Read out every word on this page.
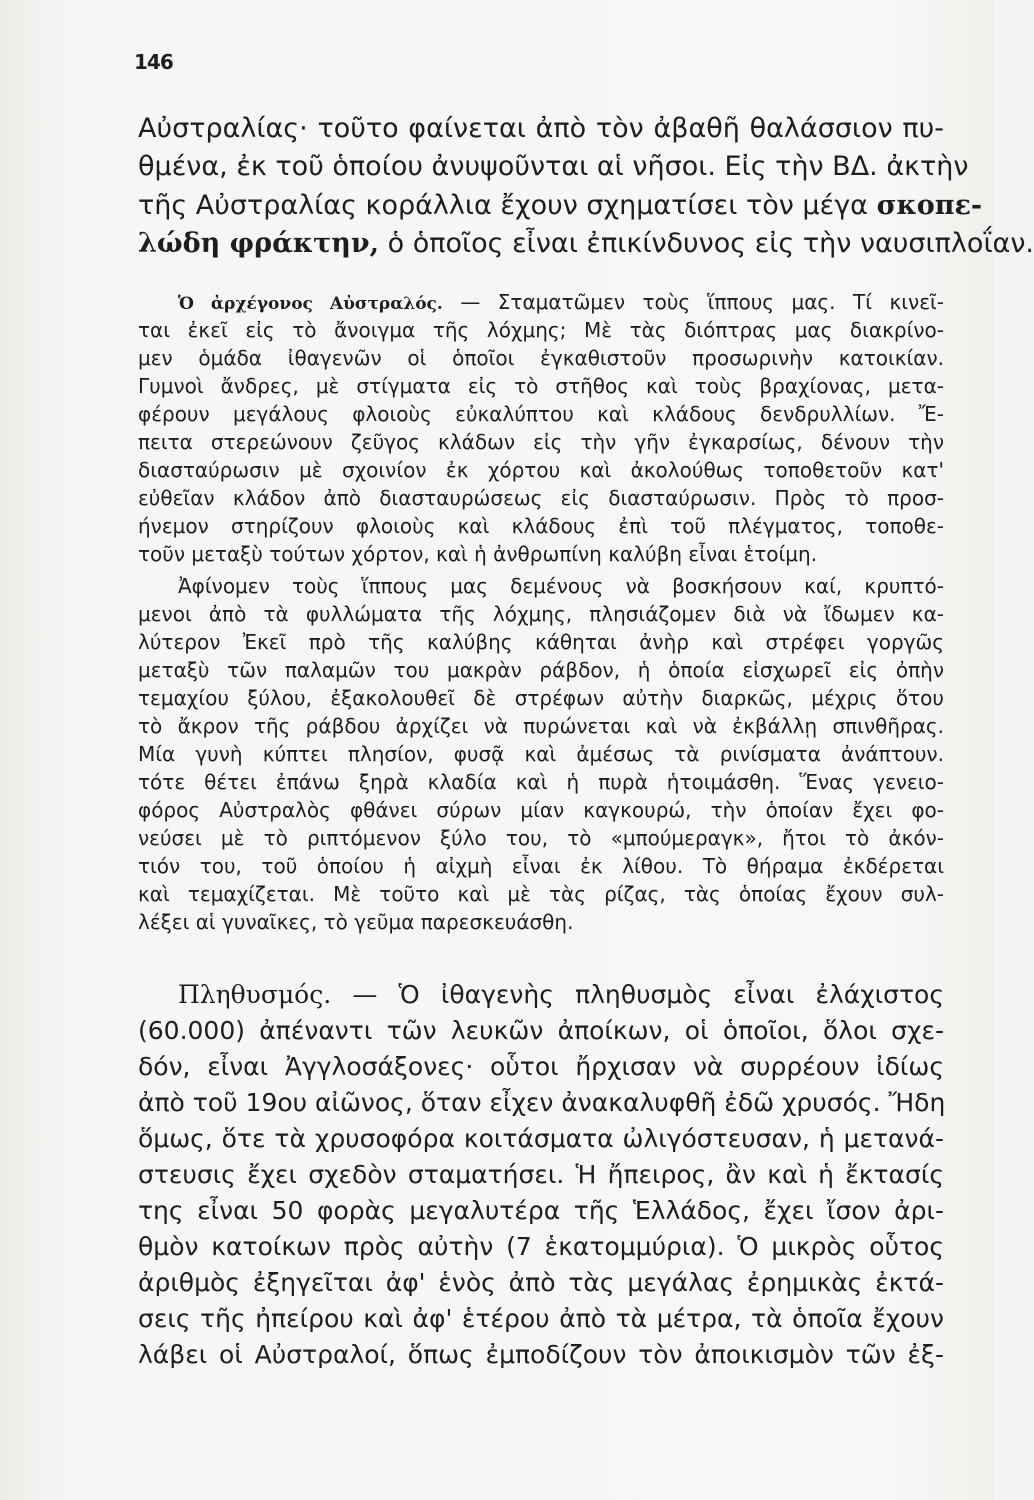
146
Αὐστραλίας· τοῦτο φαίνεται ἀπὸ τὸν ἀβαθῆ θαλάσσιον πυ-
θμένα, ἐκ τοῦ ὁποίου ἀνυψοῦνται αἱ νῆσοι. Εἰς τὴν ΒΔ. ἀκτὴν
τῆς Αὐστραλίας κοράλλια ἔχουν σχηματίσει τὸν μέγα σκοπε-
λώδη φράκτην, ὁ ὁποῖος εἶναι ἐπικίνδυνος εἰς τὴν ναυσιπλοΐαν.
Ὁ ἀρχέγονος Αὐστραλός. — Σταματῶμεν τοὺς ἵππους μας. Τί κινεῖ-
ται ἐκεῖ εἰς τὸ ἄνοιγμα τῆς λόχμης; Μὲ τὰς διόπτρας μας διακρίνο-
μεν ὁμάδα ἰθαγενῶν οἱ ὁποῖοι ἐγκαθιστοῦν προσωρινὴν κατοικίαν.
Γυμνοὶ ἄνδρες, μὲ στίγματα εἰς τὸ στῆθος καὶ τοὺς βραχίονας, μετα-
φέρουν μεγάλους φλοιοὺς εὐκαλύπτου καὶ κλάδους δενδρυλλίων. Ἔ-
πειτα στερεώνουν ζεῦγος κλάδων εἰς τὴν γῆν ἐγκαρσίως, δένουν τὴν
διασταύρωσιν μὲ σχοινίον ἐκ χόρτου καὶ ἀκολούθως τοποθετοῦν κατ'
εὐθεῖαν κλάδον ἀπὸ διασταυρώσεως εἰς διασταύρωσιν. Πρὸς τὸ προσ-
ήνεμον στηρίζουν φλοιοὺς καὶ κλάδους ἐπὶ τοῦ πλέγματος, τοποθε-
τοῦν μεταξὺ τούτων χόρτον, καὶ ἡ ἀνθρωπίνη καλύβη εἶναι ἑτοίμη.
Ἀφίνομεν τοὺς ἵππους μας δεμένους νὰ βοσκήσουν καί, κρυπτό-
μενοι ἀπὸ τὰ φυλλώματα τῆς λόχμης, πλησιάζομεν διὰ νὰ ἴδωμεν κα-
λύτερον Ἐκεῖ πρὸ τῆς καλύβης κάθηται ἀνὴρ καὶ στρέφει γοργῶς
μεταξὺ τῶν παλαμῶν του μακρὰν ράβδον, ἡ ὁποία εἰσχωρεῖ εἰς ὀπὴν
τεμαχίου ξύλου, ἐξακολουθεῖ δὲ στρέφων αὐτὴν διαρκῶς, μέχρις ὅτου
τὸ ἄκρον τῆς ράβδου ἀρχίζει νὰ πυρώνεται καὶ νὰ ἐκβάλλῃ σπινθῆρας.
Μία γυνὴ κύπτει πλησίον, φυσᾷ καὶ ἀμέσως τὰ ρινίσματα ἀνάπτουν.
τότε θέτει ἐπάνω ξηρὰ κλαδία καὶ ἡ πυρὰ ἡτοιμάσθη. Ἕνας γενειο-
φόρος Αὐστραλὸς φθάνει σύρων μίαν καγκουρώ, τὴν ὁποίαν ἔχει φο-
νεύσει μὲ τὸ ριπτόμενον ξύλο του, τὸ «μπούμεραγκ», ἤτοι τὸ ἀκόν-
τιόν του, τοῦ ὁποίου ἡ αἰχμὴ εἶναι ἐκ λίθου. Τὸ θήραμα ἐκδέρεται
καὶ τεμαχίζεται. Μὲ τοῦτο καὶ μὲ τὰς ρίζας, τὰς ὁποίας ἔχουν συλ-
λέξει αἱ γυναῖκες, τὸ γεῦμα παρεσκευάσθη.
Πληθυσμός. — Ὁ ἰθαγενὴς πληθυσμὸς εἶναι ἐλάχιστος
(60.000) ἀπέναντι τῶν λευκῶν ἀποίκων, οἱ ὁποῖοι, ὅλοι σχε-
δόν, εἶναι Ἀγγλοσάξονες· οὗτοι ἤρχισαν νὰ συρρέουν ἰδίως
ἀπὸ τοῦ 19ου αἰῶνος, ὅταν εἶχεν ἀνακαλυφθῆ ἐδῶ χρυσός. Ἤδη
ὅμως, ὅτε τὰ χρυσοφόρα κοιτάσματα ὠλιγόστευσαν, ἡ μετανά-
στευσις ἔχει σχεδὸν σταματήσει. Ἡ ἤπειρος, ἂν καὶ ἡ ἔκτασίς
της εἶναι 50 φορὰς μεγαλυτέρα τῆς Ἑλλάδος, ἔχει ἴσον ἀρι-
θμὸν κατοίκων πρὸς αὐτὴν (7 ἑκατομμύρια). Ὁ μικρὸς οὗτος
ἀριθμὸς ἐξηγεῖται ἀφ' ἑνὸς ἀπὸ τὰς μεγάλας ἐρημικὰς ἐκτά-
σεις τῆς ἠπείρου καὶ ἀφ' ἑτέρου ἀπὸ τὰ μέτρα, τὰ ὁποῖα ἔχουν
λάβει οἱ Αὐστραλοί, ὅπως ἐμποδίζουν τὸν ἀποικισμὸν τῶν ἐξ-
